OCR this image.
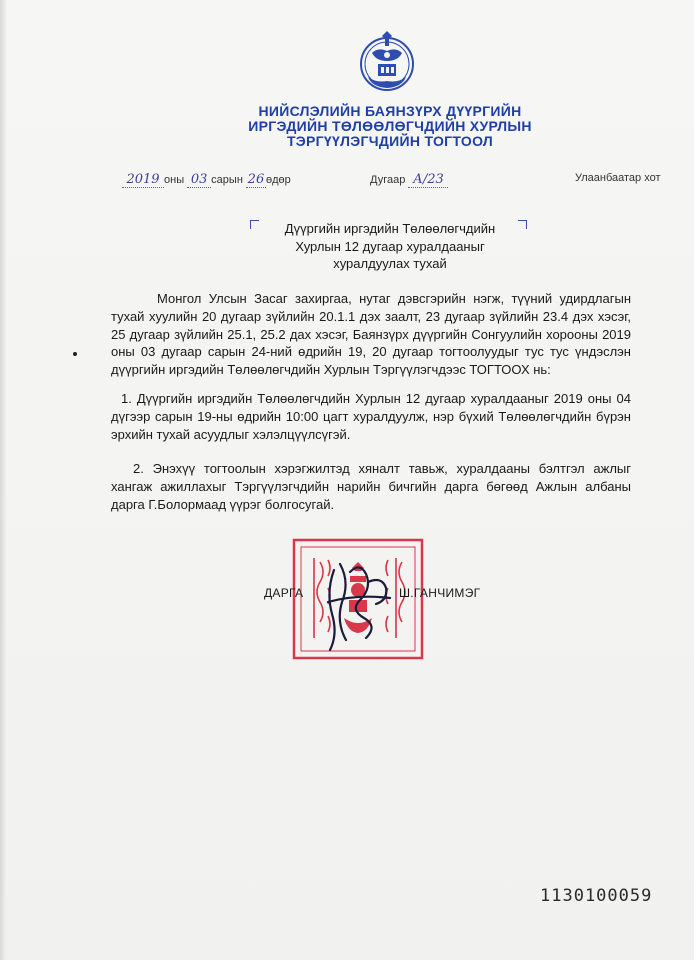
НИЙСЛЭЛИЙН БАЯНЗҮРХ ДҮҮРГИЙН
ИРГЭДИЙН ТӨЛӨӨЛӨГЧДИЙН ХУРЛЫН
ТЭРГҮҮЛЭГЧДИЙН ТОГТООЛ
2019 оны 03 сарын 26 өдөр	Дугаар А/23	Улаанбаатар хот
Дүүргийн иргэдийн Төлөөлөгчдийн
Хурлын 12 дугаар хуралдааныг
хуралдуулах тухай
Монгол Улсын Засаг захиргаа, нутаг дэвсгэрийн нэгж, түүний удирдлагын тухай хуулийн 20 дугаар зүйлийн 20.1.1 дэх заалт, 23 дугаар зүйлийн 23.4 дэх хэсэг, 25 дугаар зүйлийн 25.1, 25.2 дах хэсэг, Баянзүрх дүүргийн Сонгуулийн хорооны 2019 оны 03 дугаар сарын 24-ний өдрийн 19, 20 дугаар тогтоолуудыг тус тус үндэслэн дүүргийн иргэдийн Төлөөлөгчдийн Хурлын Тэргүүлэгчдээс ТОГТООХ нь:
1. Дүүргийн иргэдийн Төлөөлөгчдийн Хурлын 12 дугаар хуралдааныг 2019 оны 04 дүгээр сарын 19-ны өдрийн 10:00 цагт хуралдуулж, нэр бүхий Төлөөлөгчдийн бүрэн эрхийн тухай асуудлыг хэлэлцүүлсүгэй.
2. Энэхүү тогтоолын хэрэгжилтэд хяналт тавьж, хуралдааны бэлтгэл ажлыг хангаж ажиллахыг Тэргүүлэгчдийн нарийн бичгийн дарга бөгөөд Ажлын албаны дарга Г.Болормаад үүрэг болгосугай.
ДАРГА	Ш.ГАНЧИМЭГ
1130100059
